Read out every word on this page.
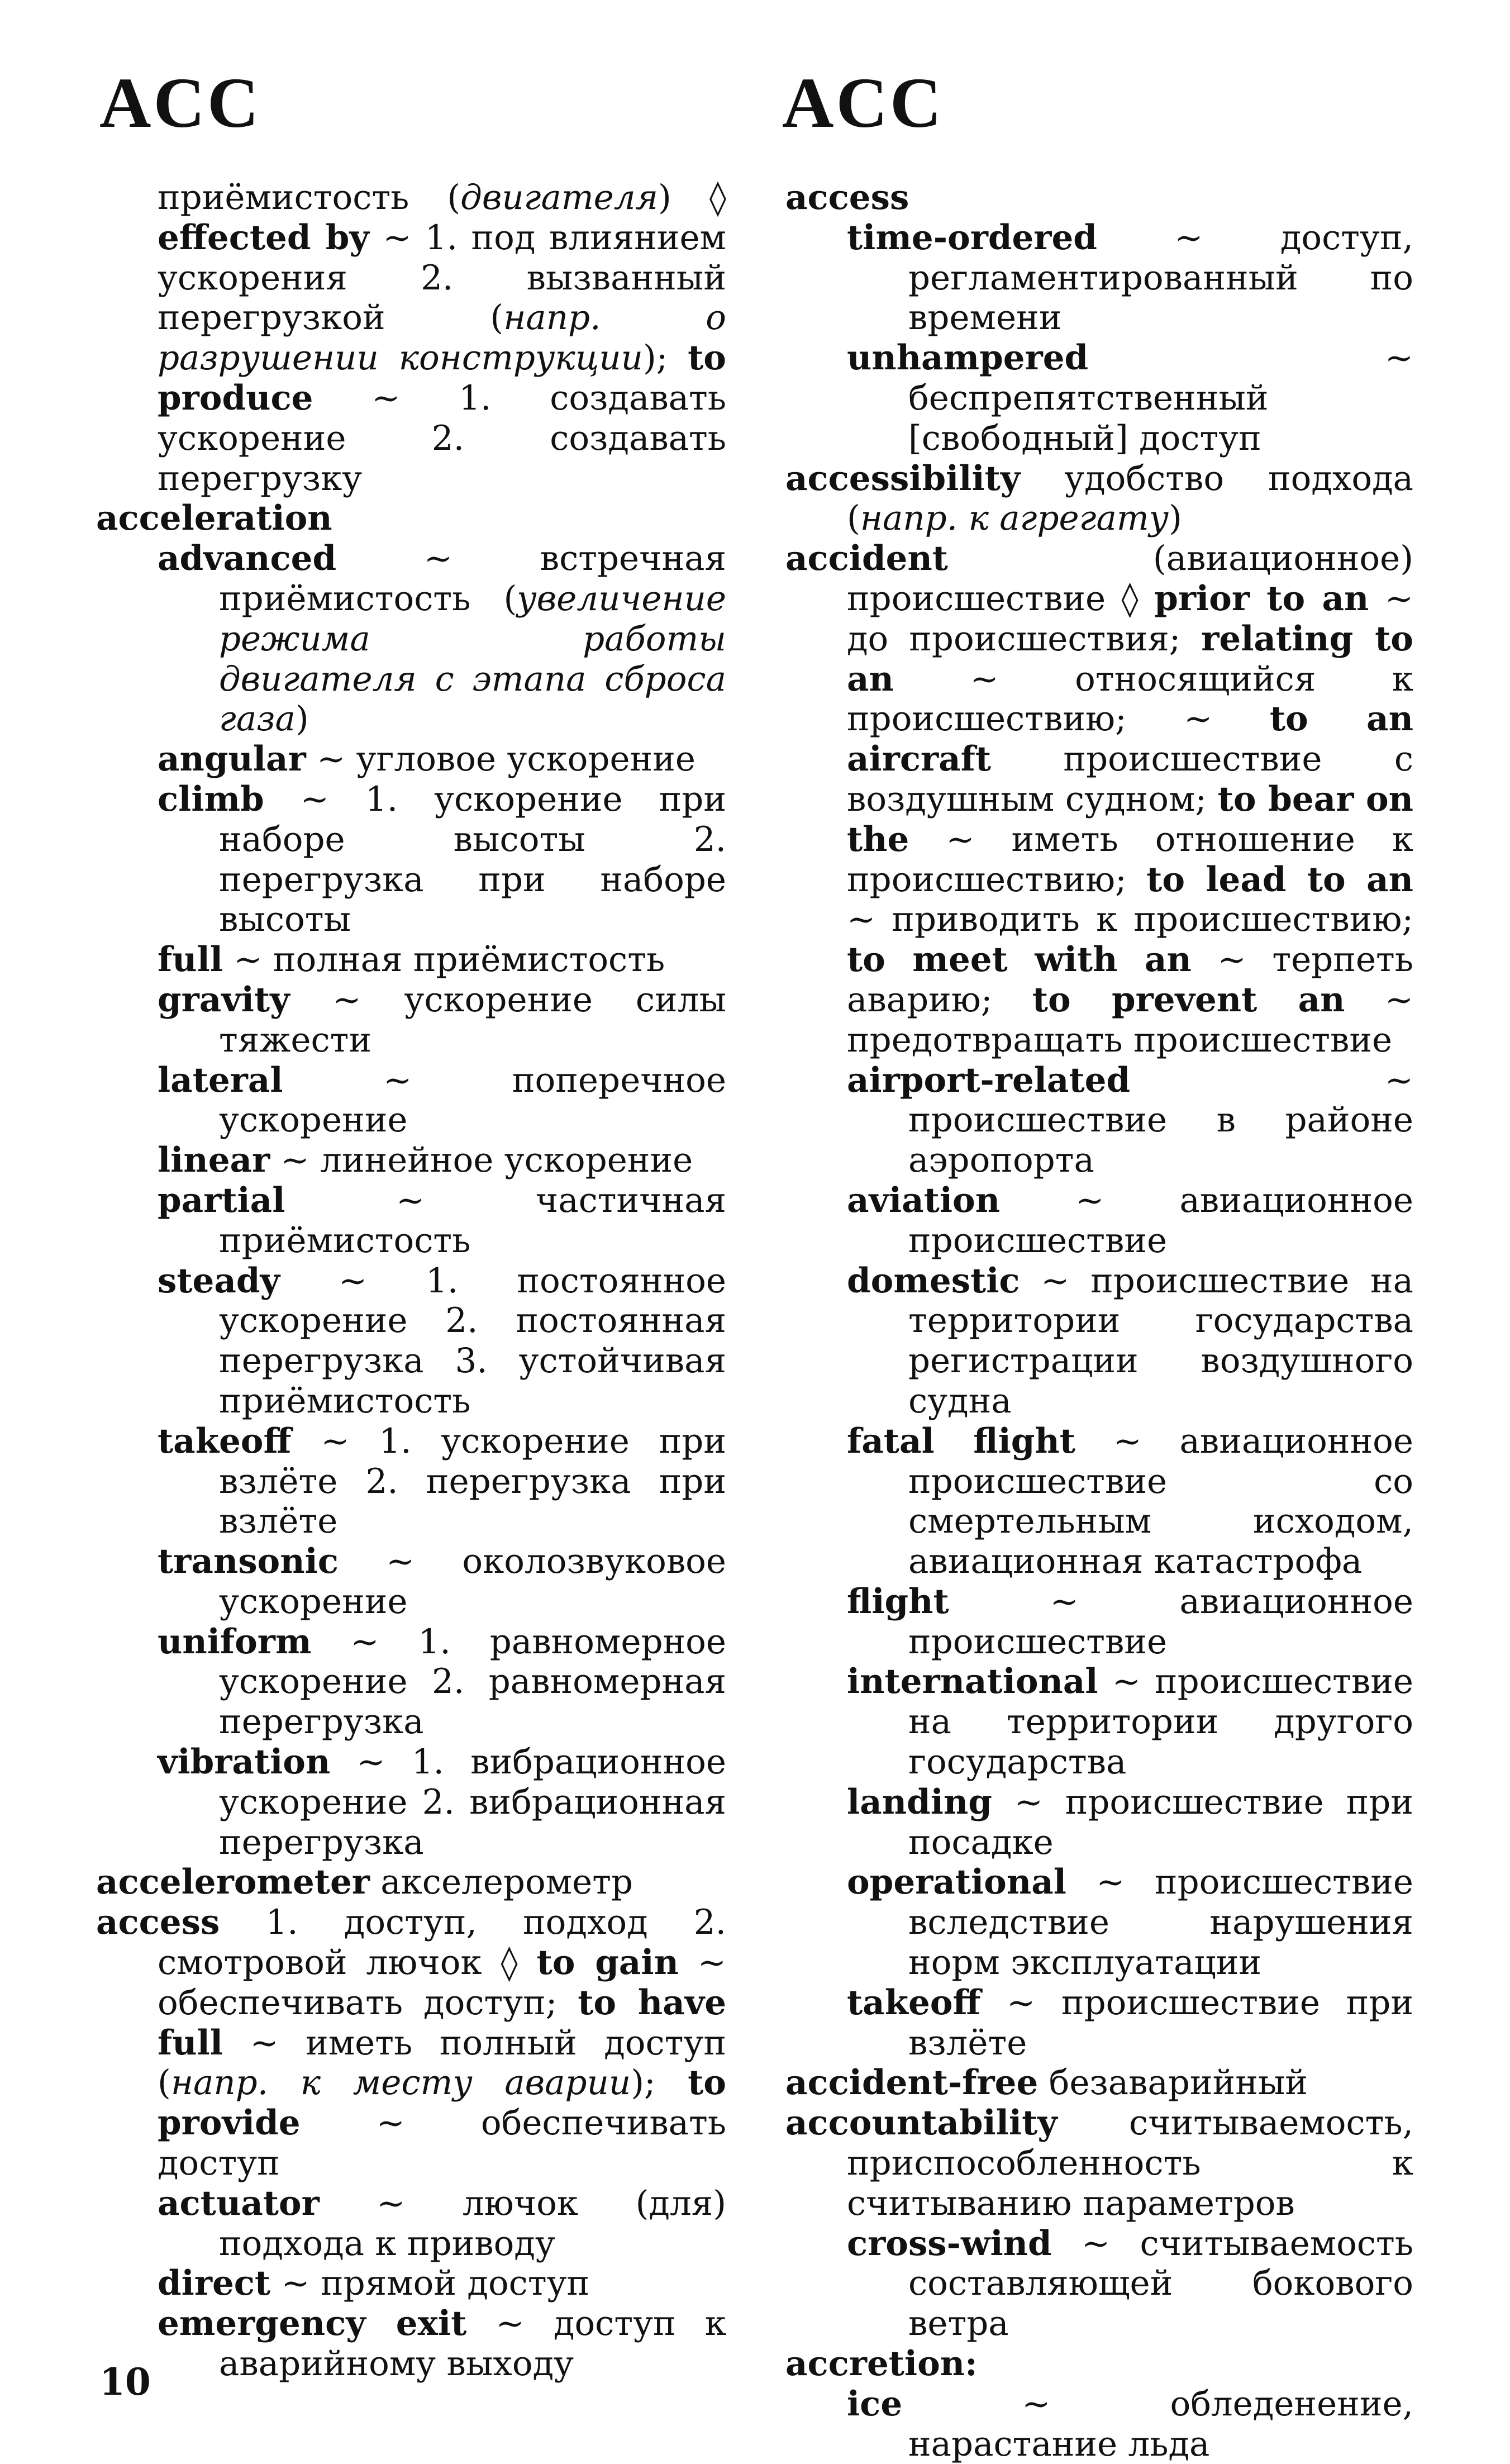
ACC	ACC
приёмистость (двигателя) ◊ effected by ~ 1. под влиянием ускорения 2. вызванный перегрузкой (напр. о разрушении конструкции); to produce ~ 1. создавать ускорение 2. создавать перегрузку
acceleration
advanced ~ встречная приёмистость (увеличение режима работы двигателя с этапа сброса газа)
angular ~ угловое ускорение
climb ~ 1. ускорение при наборе высоты 2. перегрузка при наборе высоты
full ~ полная приёмистость
gravity ~ ускорение силы тяжести
lateral ~ поперечное ускорение
linear ~ линейное ускорение
partial ~ частичная приёмистость
steady ~ 1. постоянное ускорение 2. постоянная перегрузка 3. устойчивая приёмистость
takeoff ~ 1. ускорение при взлёте 2. перегрузка при взлёте
transonic ~ околозвуковое ускорение
uniform ~ 1. равномерное ускорение 2. равномерная перегрузка
vibration ~ 1. вибрационное ускорение 2. вибрационная перегрузка
accelerometer акселерометр
access 1. доступ, подход 2. смотровой лючок ◊ to gain ~ обеспечивать доступ; to have full ~ иметь полный доступ (напр. к месту аварии); to provide ~ обеспечивать доступ
actuator ~ лючок (для) подхода к приводу
direct ~ прямой доступ
emergency exit ~ доступ к аварийному выходу
access
time-ordered ~ доступ, регламентированный по времени
unhampered ~ беспрепятственный [свободный] доступ
accessibility удобство подхода (напр. к агрегату)
accident (авиационное) происшествие ◊ prior to an ~ до происшествия; relating to an ~ относящийся к происшествию; ~ to an aircraft происшествие с воздушным судном; to bear on the ~ иметь отношение к происшествию; to lead to an ~ приводить к происшествию; to meet with an ~ терпеть аварию; to prevent an ~ предотвращать происшествие
airport-related ~ происшествие в районе аэропорта
aviation ~ авиационное происшествие
domestic ~ происшествие на территории государства регистрации воздушного судна
fatal flight ~ авиационное происшествие со смертельным исходом, авиационная катастрофа
flight ~ авиационное происшествие
international ~ происшествие на территории другого государства
landing ~ происшествие при посадке
operational ~ происшествие вследствие нарушения норм эксплуатации
takeoff ~ происшествие при взлёте
accident-free безаварийный
accountability считываемость, приспособленность к считыванию параметров
cross-wind ~ считываемость составляющей бокового ветра
accretion:
ice ~ обледенение, нарастание льда
10
